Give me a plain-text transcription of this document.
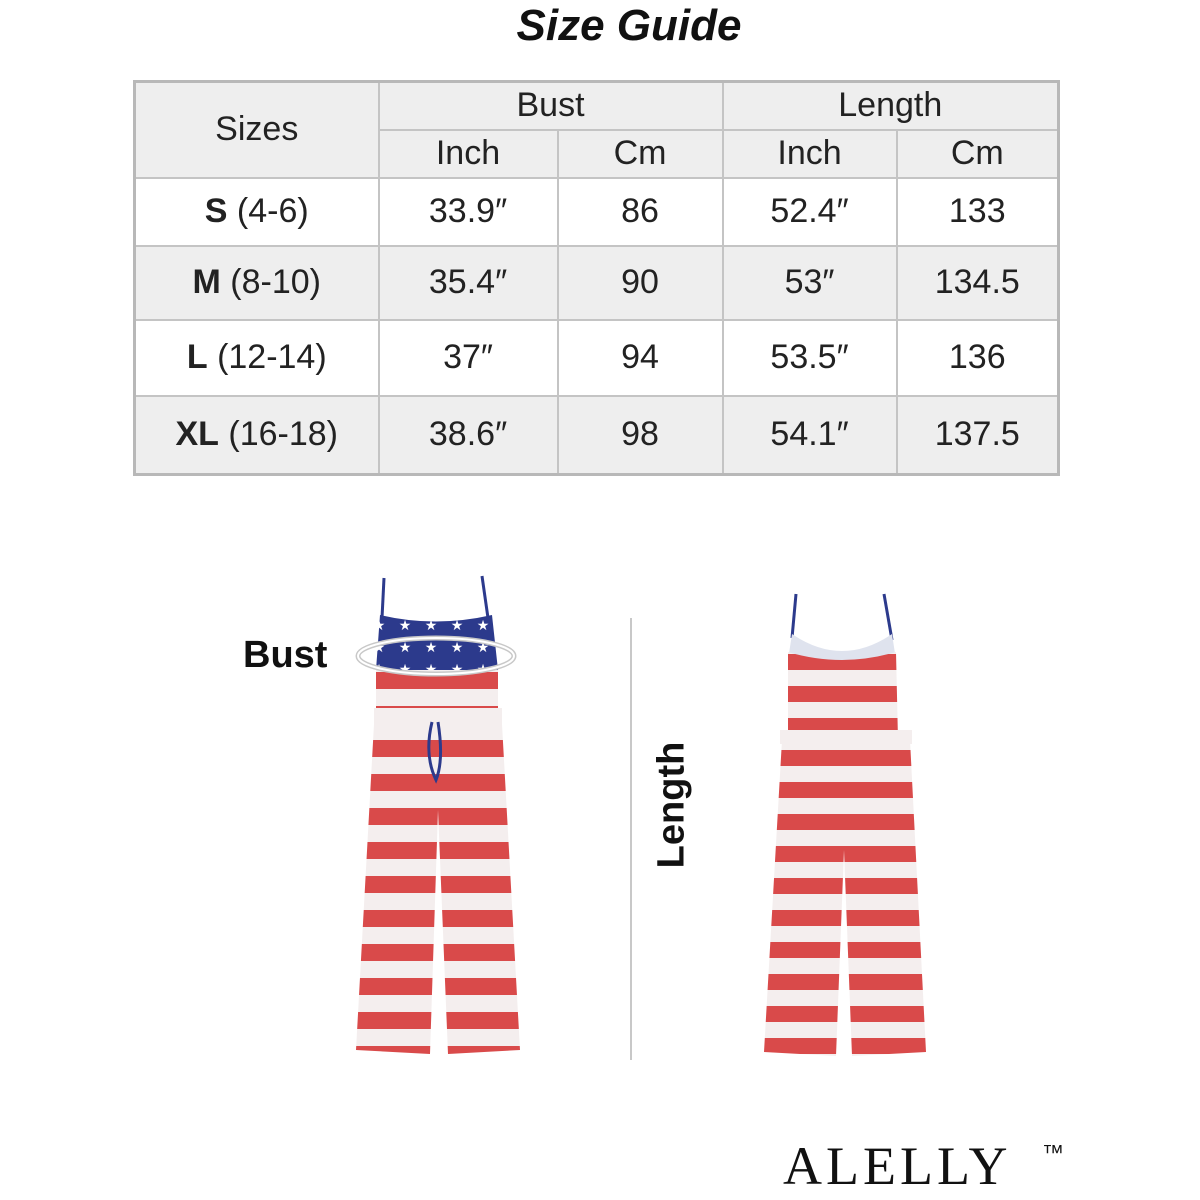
Size Guide
Sizes	Bust		Length	
	Inch	Cm	Inch	Cm
S (4-6)	33.9″	86	52.4″	133
M (8-10)	35.4″	90	53″	134.5
L (12-14)	37″	94	53.5″	136
XL (16-18)	38.6″	98	54.1″	137.5
Bust
Length
ALELLY ™
